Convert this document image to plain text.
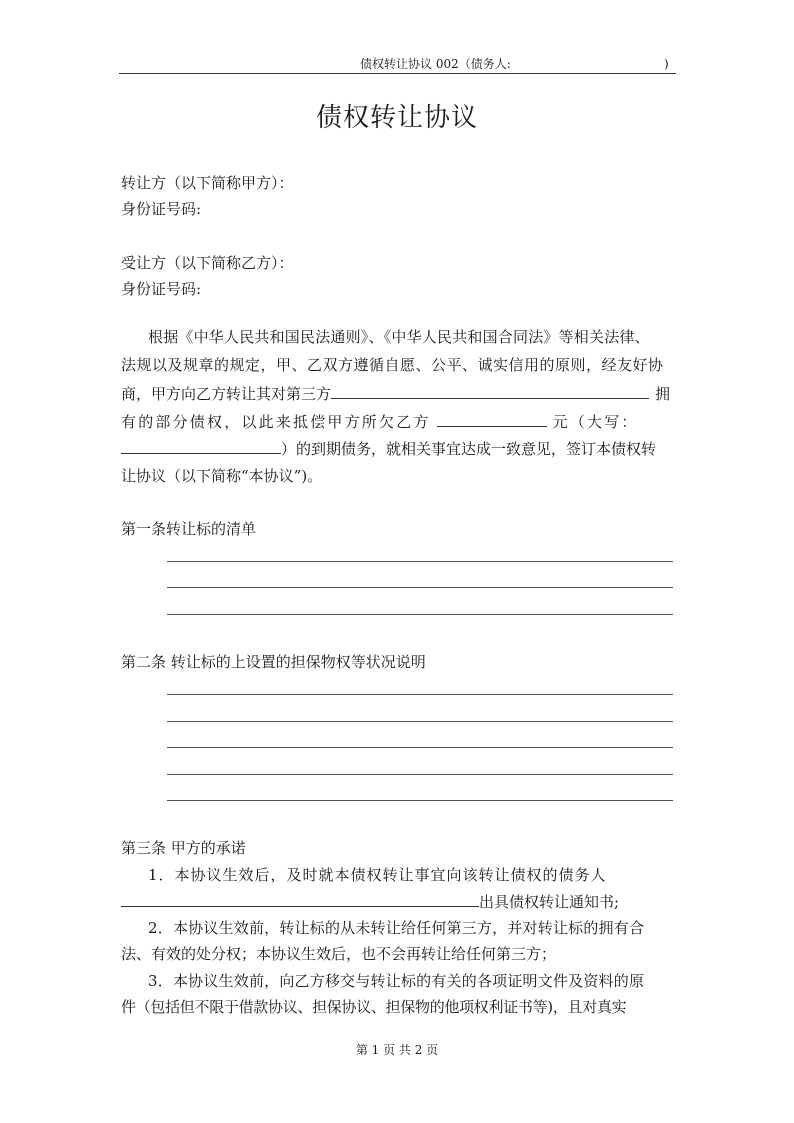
债权转让协议 002（债务人:	)
债权转让协议
转让方（以下简称甲方）：
身份证号码:
受让方（以下简称乙方）：
身份证号码:
根据《中华人民共和国民法通则》、《中华人民共和国合同法》等相关法律、
法规以及规章的规定，甲、乙双方遵循自愿、公平、诚实信用的原则，经友好协
商，甲方向乙方转让其对第三方	拥
有的部分债权，以此来抵偿甲方所欠乙方	元（大写：
）的到期债务，就相关事宜达成一致意见，签订本债权转
让协议（以下简称“本协议”)。
第一条转让标的清单
第二条 转让标的上设置的担保物权等状况说明
第三条 甲方的承诺
1．本协议生效后，及时就本债权转让事宜向该转让债权的债务人
出具债权转让通知书;
2．本协议生效前，转让标的从未转让给任何第三方，并对转让标的拥有合
法、有效的处分权；本协议生效后，也不会再转让给任何第三方；
3．本协议生效前，向乙方移交与转让标的有关的各项证明文件及资料的原
件（包括但不限于借款协议、担保协议、担保物的他项权利证书等)，且对真实
第 1 页 共 2 页
